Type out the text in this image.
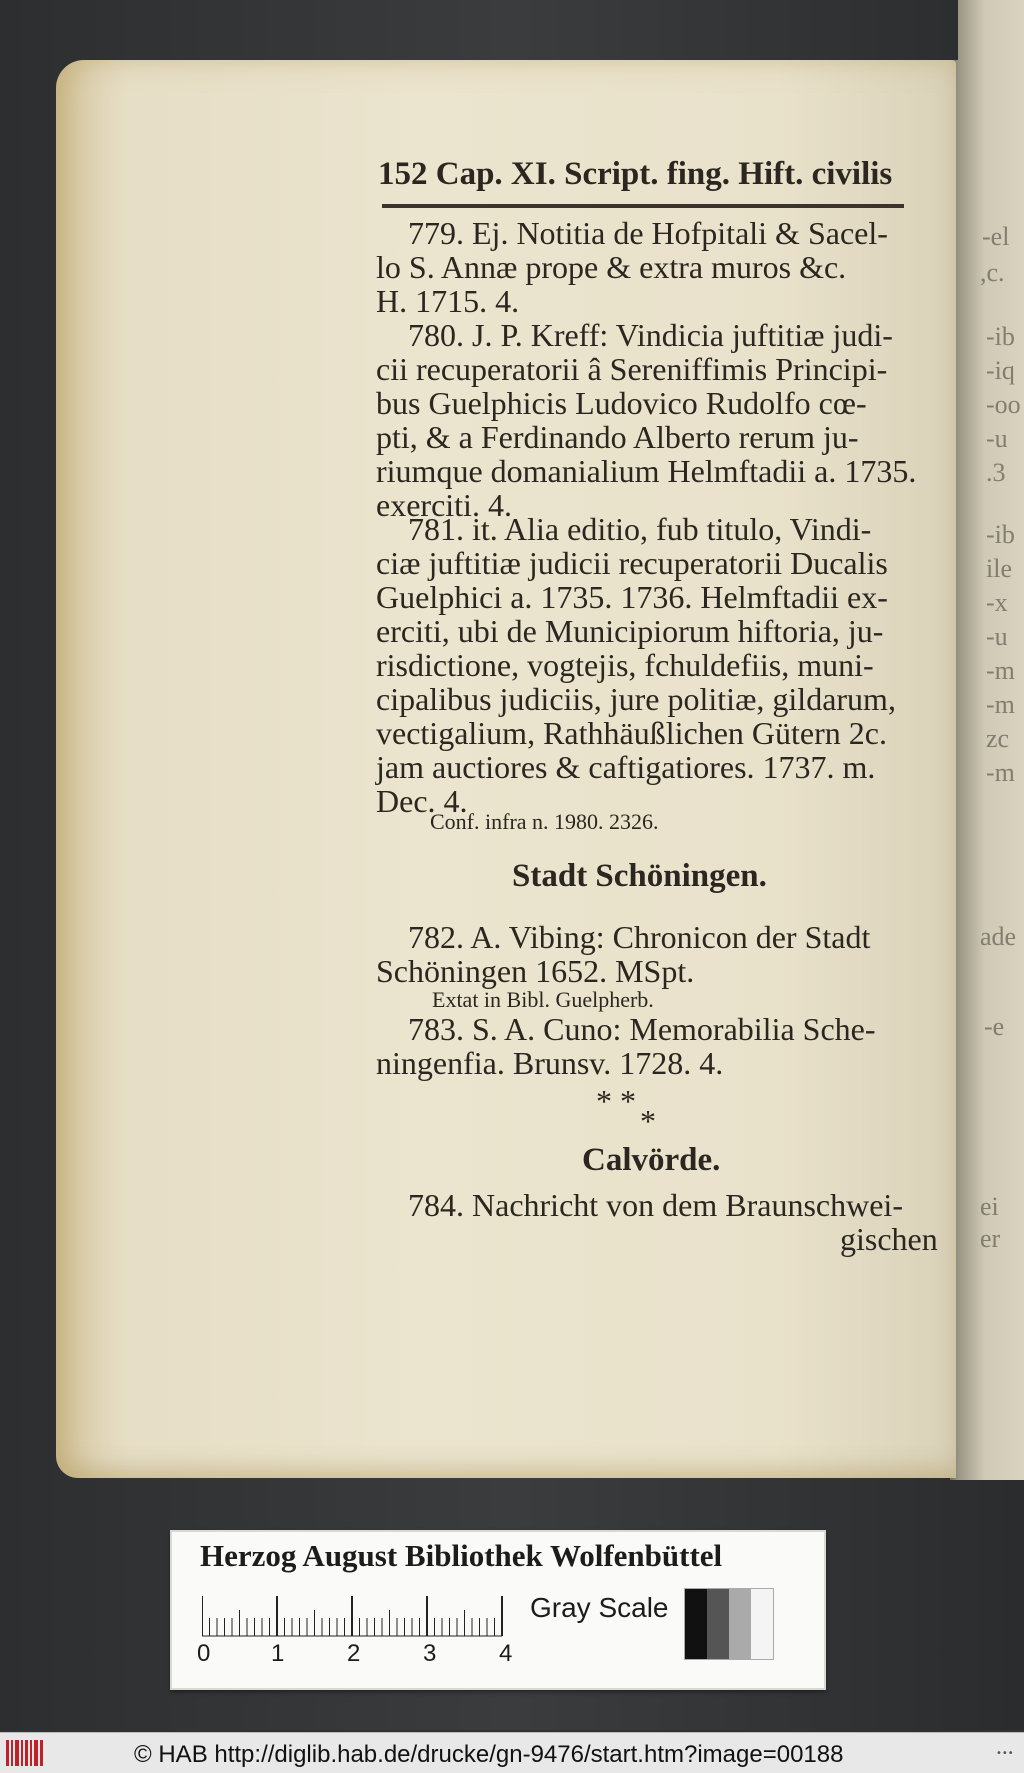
-el
,c.
-ib
-iq
-oo
-u
.3
-ib
ile
-x
-u
-m
-m
zc
-m
ade
-e
ei
er
152 Cap. XI. Script. fing. Hift. civilis
779. Ej. Notitia de Hofpitali & Sacel-
lo S. Annæ prope & extra muros &c.
H. 1715. 4.
780. J. P. Kreff: Vindicia juftitiæ judi-
cii recuperatorii â Sereniffimis Principi-
bus Guelphicis Ludovico Rudolfo cœ-
pti, & a Ferdinando Alberto rerum ju-
riumque domanialium Helmftadii a. 1735.
exerciti. 4.
781. it. Alia editio, fub titulo, Vindi-
ciæ juftitiæ judicii recuperatorii Ducalis
Guelphici a. 1735. 1736. Helmftadii ex-
erciti, ubi de Municipiorum hiftoria, ju-
risdictione, vogtejis, fchuldefiis, muni-
cipalibus judiciis, jure politiæ, gildarum,
vectigalium, Rathhäußlichen Gütern 2c.
jam auctiores & caftigatiores. 1737. m.
Dec. 4.
Conf. infra n. 1980. 2326.
Stadt Schöningen.
782. A. Vibing: Chronicon der Stadt
Schöningen 1652. MSpt.
Extat in Bibl. Guelpherb.
783. S. A. Cuno: Memorabilia Sche-
ningenfia. Brunsv. 1728. 4.
* *
*
Calvörde.
784. Nachricht von dem Braunschwei-
gischen
Herzog August Bibliothek Wolfenbüttel
0	1	2	3	4
Gray Scale
© HAB http://diglib.hab.de/drucke/gn-9476/start.htm?image=00188	•••
